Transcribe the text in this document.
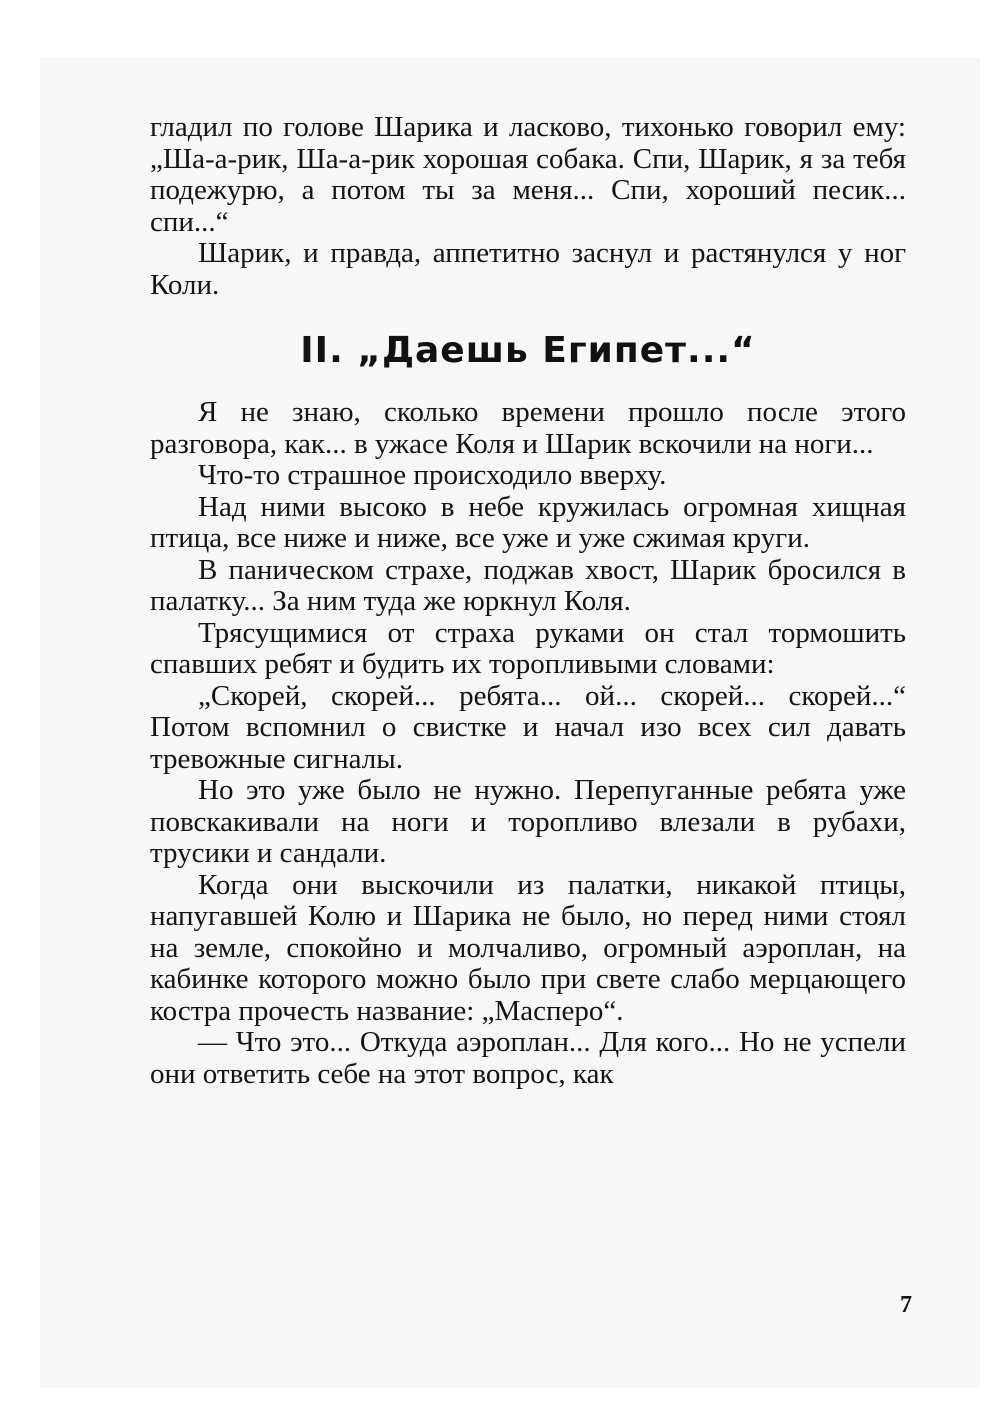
гладил по голове Шарика и ласково, тихонько говорил ему: „Ша-а-рик, Ша-а-рик хорошая собака. Спи, Шарик, я за тебя подежурю, а потом ты за меня... Спи, хороший песик... спи...“

Шарик, и правда, аппетитно заснул и растянулся у ног Коли.

II. „Даешь Египет...“

Я не знаю, сколько времени прошло после этого разговора, как... в ужасе Коля и Шарик вскочили на ноги...

Что-то страшное происходило вверху.

Над ними высоко в небе кружилась огромная хищная птица, все ниже и ниже, все уже и уже сжимая круги.

В паническом страхе, поджав хвост, Шарик бросился в палатку... За ним туда же юркнул Коля.

Трясущимися от страха руками он стал тормошить спавших ребят и будить их торопливыми словами:

„Скорей, скорей... ребята... ой... скорей... скорей...“ Потом вспомнил о свистке и начал изо всех сил давать тревожные сигналы.

Но это уже было не нужно. Перепуганные ребята уже повскакивали на ноги и торопливо влезали в рубахи, трусики и сандали.

Когда они выскочили из палатки, никакой птицы, напугавшей Колю и Шарика не было, но перед ними стоял на земле, спокойно и молчаливо, огромный аэроплан, на кабинке которого можно было при свете слабо мерцающего костра прочесть название: „Масперо“.

— Что это... Откуда аэроплан... Для кого... Но не успели они ответить себе на этот вопрос, как

7
